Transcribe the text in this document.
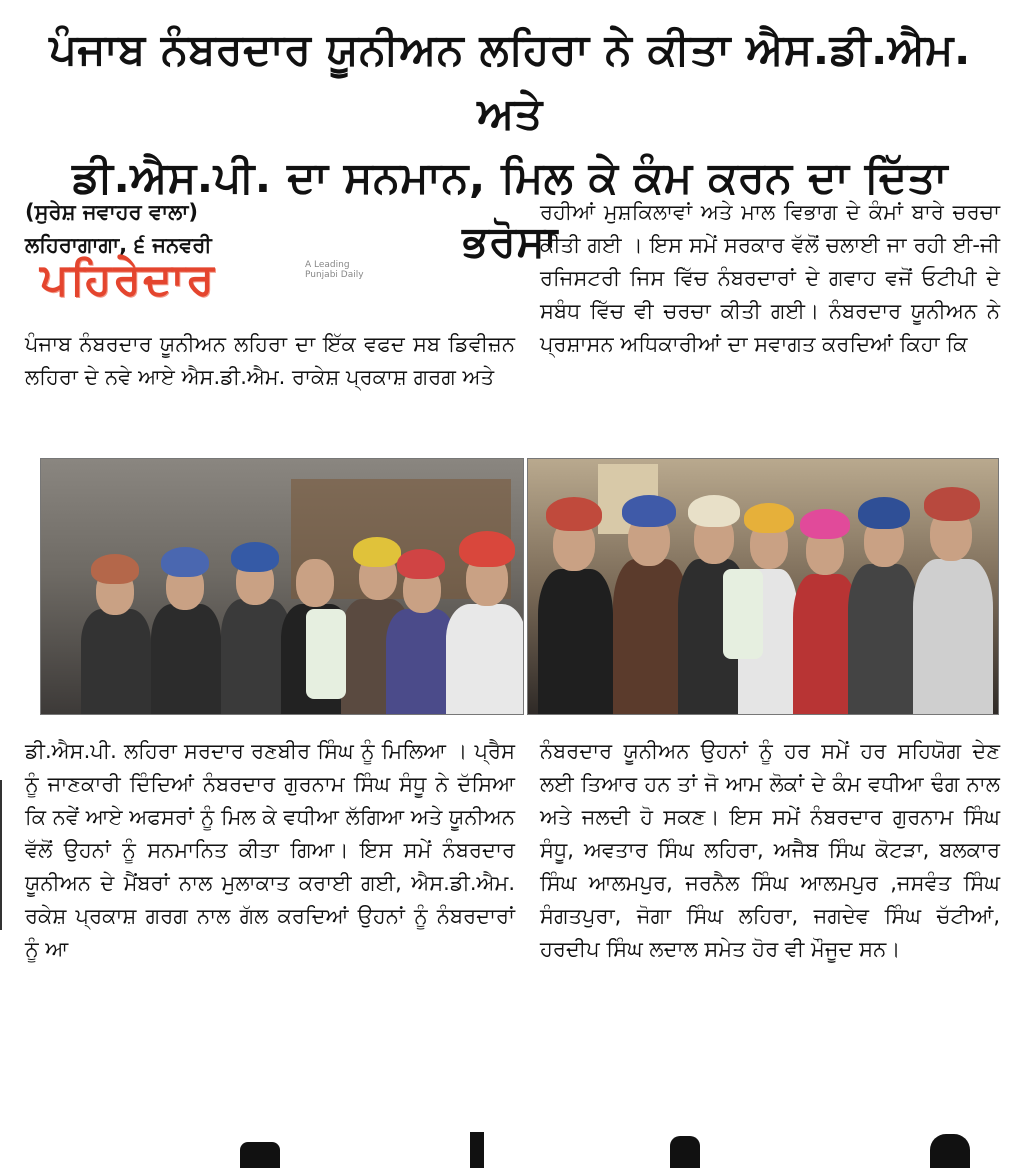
ਪੰਜਾਬ ਨੰਬਰਦਾਰ ਯੂਨੀਅਨ ਲਹਿਰਾ ਨੇ ਕੀਤਾ ਐਸ.ਡੀ.ਐਮ. ਅਤੇ
ਡੀ.ਐਸ.ਪੀ. ਦਾ ਸਨਮਾਨ, ਮਿਲ ਕੇ ਕੰਮ ਕਰਨ ਦਾ ਦਿੱਤਾ ਭਰੋਸਾ

(ਸੁਰੇਸ਼ ਜਵਾਹਰ ਵਾਲਾ)

ਲਹਿਰਾਗਾਗਾ, ੬ ਜਨਵਰੀ

ਪੰਜਾਬ ਨੰਬਰਦਾਰ ਯੂਨੀਅਨ ਲਹਿਰਾ ਦਾ ਇੱਕ ਵਫਦ ਸਬ ਡਿਵੀਜ਼ਨ ਲਹਿਰਾ ਦੇ ਨਵੇ ਆਏ ਐਸ.ਡੀ.ਐਮ. ਰਾਕੇਸ਼ ਪ੍ਰਕਾਸ਼ ਗਰਗ ਅਤੇ

ਪਹਿਰੇਦਾਰ	A Leading Punjabi Daily

ਰਹੀਆਂ ਮੁਸ਼ਕਿਲਾਵਾਂ ਅਤੇ ਮਾਲ ਵਿਭਾਗ ਦੇ ਕੰਮਾਂ ਬਾਰੇ ਚਰਚਾ ਕੀਤੀ ਗਈ । ਇਸ ਸਮੇਂ ਸਰਕਾਰ ਵੱਲੋਂ ਚਲਾਈ ਜਾ ਰਹੀ ਈ-ਜੀ ਰਜਿਸਟਰੀ ਜਿਸ ਵਿੱਚ ਨੰਬਰਦਾਰਾਂ ਦੇ ਗਵਾਹ ਵਜੋਂ ਓਟੀਪੀ ਦੇ ਸਬੰਧ ਵਿੱਚ ਵੀ ਚਰਚਾ ਕੀਤੀ ਗਈ। ਨੰਬਰਦਾਰ ਯੂਨੀਅਨ ਨੇ ਪ੍ਰਸ਼ਾਸਨ ਅਧਿਕਾਰੀਆਂ ਦਾ ਸਵਾਗਤ ਕਰਦਿਆਂ ਕਿਹਾ ਕਿ

ਡੀ.ਐਸ.ਪੀ. ਲਹਿਰਾ ਸਰਦਾਰ ਰਣਬੀਰ ਸਿੰਘ ਨੂੰ ਮਿਲਿਆ । ਪ੍ਰੈਸ ਨੂੰ ਜਾਣਕਾਰੀ ਦਿੰਦਿਆਂ ਨੰਬਰਦਾਰ ਗੁਰਨਾਮ ਸਿੰਘ ਸੰਧੂ ਨੇ ਦੱਸਿਆ ਕਿ ਨਵੇਂ ਆਏ ਅਫਸਰਾਂ ਨੂੰ ਮਿਲ ਕੇ ਵਧੀਆ ਲੱਗਿਆ ਅਤੇ ਯੂਨੀਅਨ ਵੱਲੋਂ ਉਹਨਾਂ ਨੂੰ ਸਨਮਾਨਿਤ ਕੀਤਾ ਗਿਆ। ਇਸ ਸਮੇਂ ਨੰਬਰਦਾਰ ਯੂਨੀਅਨ ਦੇ ਮੈਂਬਰਾਂ ਨਾਲ ਮੁਲਾਕਾਤ ਕਰਾਈ ਗਈ, ਐਸ.ਡੀ.ਐਮ. ਰਕੇਸ਼ ਪ੍ਰਕਾਸ਼ ਗਰਗ ਨਾਲ ਗੱਲ ਕਰਦਿਆਂ ਉਹਨਾਂ ਨੂੰ ਨੰਬਰਦਾਰਾਂ ਨੂੰ ਆ

ਨੰਬਰਦਾਰ ਯੂਨੀਅਨ ਉਹਨਾਂ ਨੂੰ ਹਰ ਸਮੇਂ ਹਰ ਸਹਿਯੋਗ ਦੇਣ ਲਈ ਤਿਆਰ ਹਨ ਤਾਂ ਜੋ ਆਮ ਲੋਕਾਂ ਦੇ ਕੰਮ ਵਧੀਆ ਢੰਗ ਨਾਲ ਅਤੇ ਜਲਦੀ ਹੋ ਸਕਣ। ਇਸ ਸਮੇਂ ਨੰਬਰਦਾਰ ਗੁਰਨਾਮ ਸਿੰਘ ਸੰਧੂ, ਅਵਤਾਰ ਸਿੰਘ ਲਹਿਰਾ, ਅਜੈਬ ਸਿੰਘ ਕੋਟੜਾ, ਬਲਕਾਰ ਸਿੰਘ ਆਲਮਪੁਰ, ਜਰਨੈਲ ਸਿੰਘ ਆਲਮਪੁਰ ,ਜਸਵੰਤ ਸਿੰਘ ਸੰਗਤਪੁਰਾ, ਜੋਗਾ ਸਿੰਘ ਲਹਿਰਾ, ਜਗਦੇਵ ਸਿੰਘ ਚੱਟੀਆਂ, ਹਰਦੀਪ ਸਿੰਘ ਲਦਾਲ ਸਮੇਤ ਹੋਰ ਵੀ ਮੌਜੂਦ ਸਨ।
